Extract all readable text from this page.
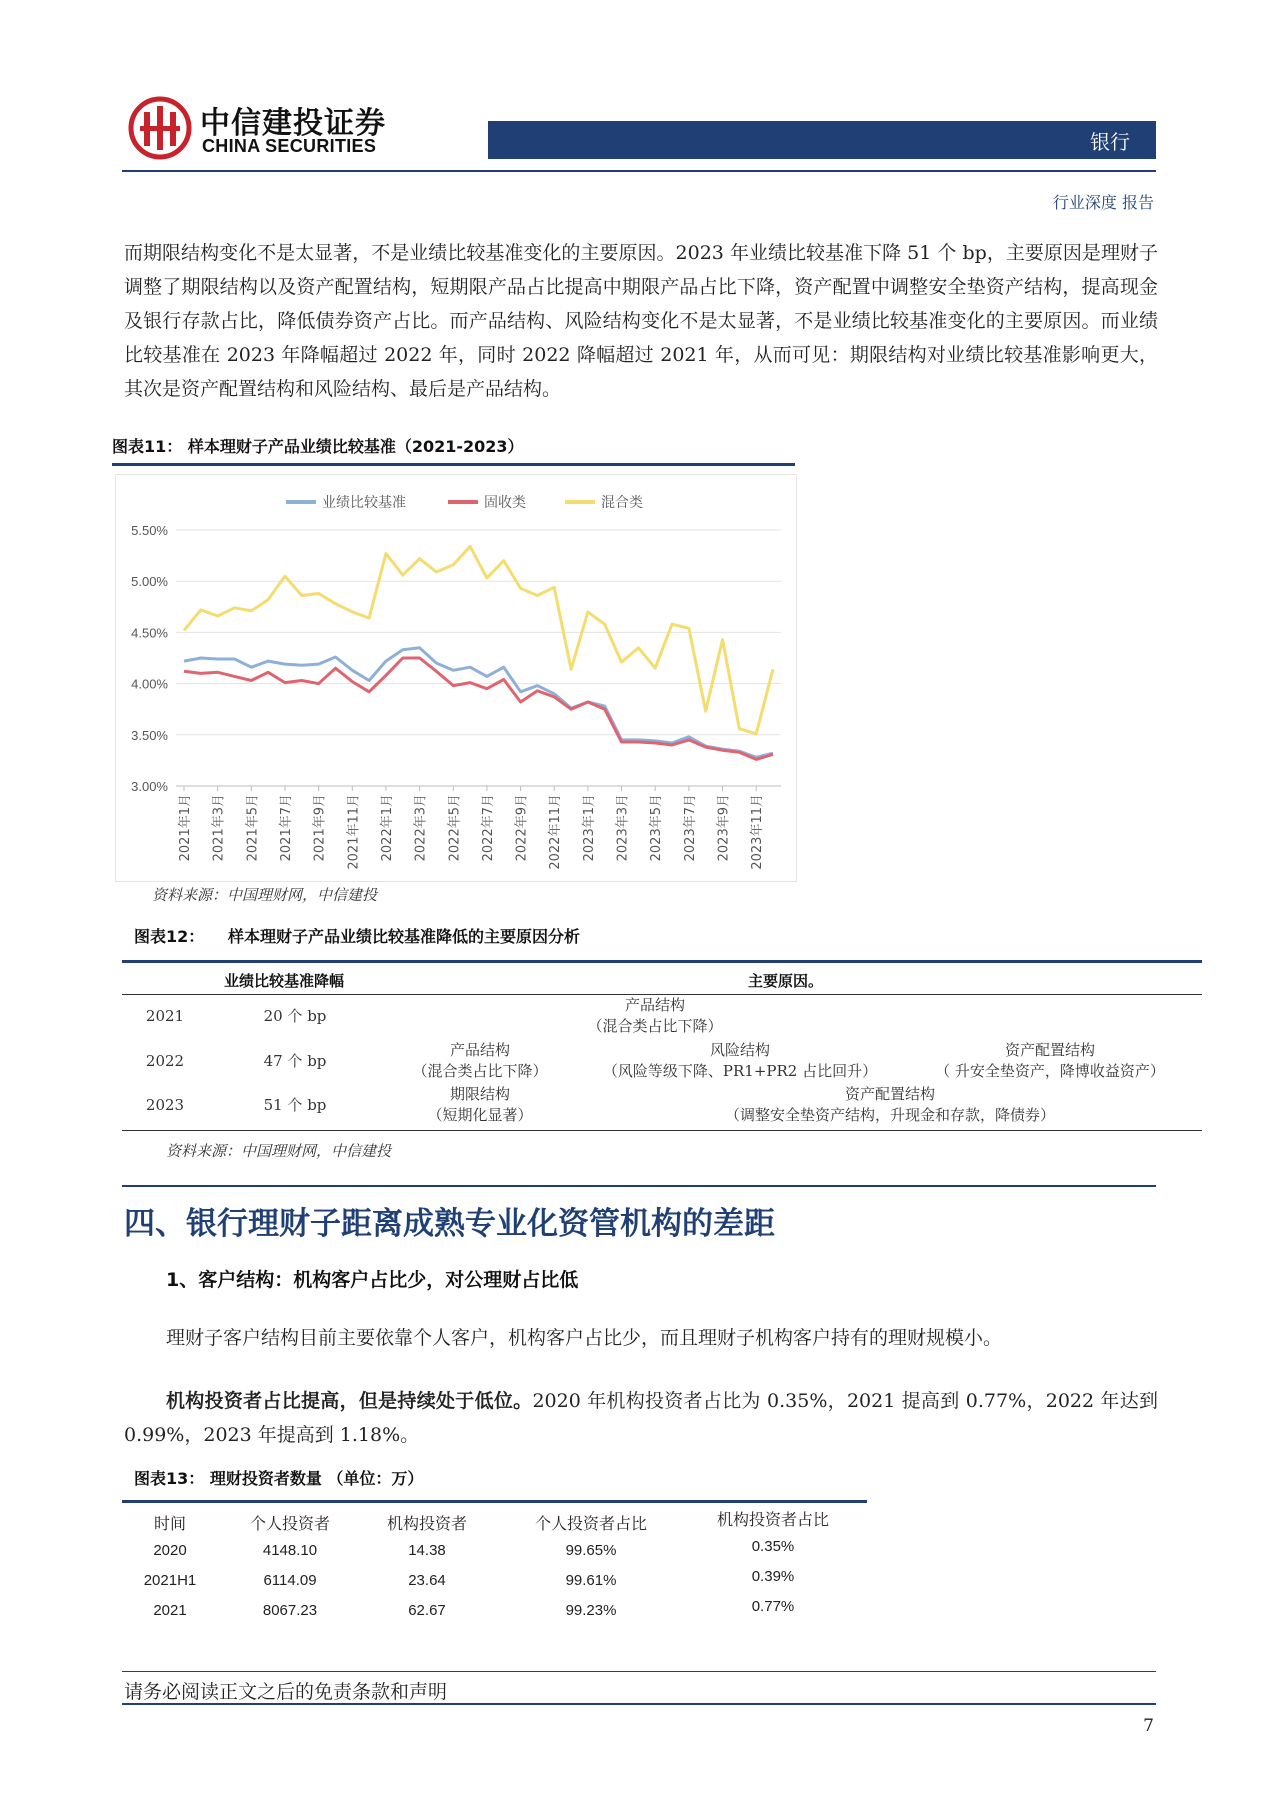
中信建投证券
CHINA SECURITIES	银行
行业深度 报告
而期限结构变化不是太显著，不是业绩比较基准变化的主要原因。2023 年业绩比较基准下降 51 个 bp，主要原因是理财子调整了期限结构以及资产配置结构，短期限产品占比提高中期限产品占比下降，资产配置中调整安全垫资产结构，提高现金及银行存款占比，降低债券资产占比。而产品结构、风险结构变化不是太显著，不是业绩比较基准变化的主要原因。而业绩比较基准在 2023 年降幅超过 2022 年，同时 2022 降幅超过 2021 年，从而可见：期限结构对业绩比较基准影响更大，其次是资产配置结构和风险结构、最后是产品结构。
图表11： 样本理财子产品业绩比较基准（2021-2023）
3.00%
3.50%
4.00%
4.50%
5.00%
5.50%
2021年1月 2021年3月 2021年5月 2021年7月 2021年9月 2021年11月 2022年1月 2022年3月 2022年5月 2022年7月 2022年9月 2022年11月 2023年1月 2023年3月 2023年5月 2023年7月 2023年9月 2023年11月
业绩比较基准	固收类	混合类
资料来源：中国理财网，中信建投
图表12： 样本理财子产品业绩比较基准降低的主要原因分析
业绩比较基准降幅	主要原因。
2021	20 个 bp
产品结构
（混合类占比下降）
2022	47 个 bp
产品结构
（混合类占比下降）
风险结构
（风险等级下降、PR1+PR2 占比回升）
资产配置结构
（ 升安全垫资产，降博收益资产）
2023	51 个 bp
期限结构
（短期化显著）
资产配置结构
（调整安全垫资产结构，升现金和存款，降债券）
资料来源：中国理财网，中信建投
四、银行理财子距离成熟专业化资管机构的差距
1、客户结构：机构客户占比少，对公理财占比低
理财子客户结构目前主要依靠个人客户，机构客户占比少，而且理财子机构客户持有的理财规模小。
机构投资者占比提高，但是持续处于低位。2020 年机构投资者占比为 0.35%，2021 提高到 0.77%，2022 年达到 0.99%，2023 年提高到 1.18%。
图表13： 理财投资者数量 （单位：万）
时间	个人投资者	机构投资者	个人投资者占比	机构投资者占比
2020	4148.10	14.38	99.65%	0.35%
2021H1	6114.09	23.64	99.61%	0.39%
2021	8067.23	62.67	99.23%	0.77%
请务必阅读正文之后的免责条款和声明
7
